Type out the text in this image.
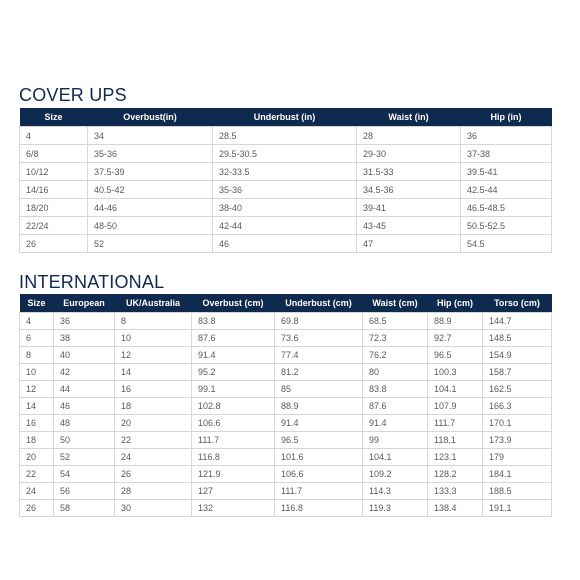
COVER UPS
Size	Overbust(in)	Underbust (in)	Waist (in)	Hip (in)
4	34	28.5	28	36
6/8	35-36	29.5-30.5	29-30	37-38
10/12	37.5-39	32-33.5	31.5-33	39.5-41
14/16	40.5-42	35-36	34.5-36	42.5-44
18/20	44-46	38-40	39-41	46.5-48.5
22/24	48-50	42-44	43-45	50.5-52.5
26	52	46	47	54.5
INTERNATIONAL
Size	European	UK/Australia	Overbust (cm)	Underbust (cm)	Waist (cm)	Hip (cm)	Torso (cm)
4	36	8	83.8	69.8	68.5	88.9	144.7
6	38	10	87.6	73.6	72.3	92.7	148.5
8	40	12	91.4	77.4	76.2	96.5	154.9
10	42	14	95.2	81.2	80	100.3	158.7
12	44	16	99.1	85	83.8	104.1	162.5
14	46	18	102.8	88.9	87.6	107.9	166.3
16	48	20	106.6	91.4	91.4	111.7	170.1
18	50	22	111.7	96.5	99	118.1	173.9
20	52	24	116.8	101.6	104.1	123.1	179
22	54	26	121.9	106.6	109.2	128.2	184.1
24	56	28	127	111.7	114.3	133.3	188.5
26	58	30	132	116.8	119.3	138.4	191.1
